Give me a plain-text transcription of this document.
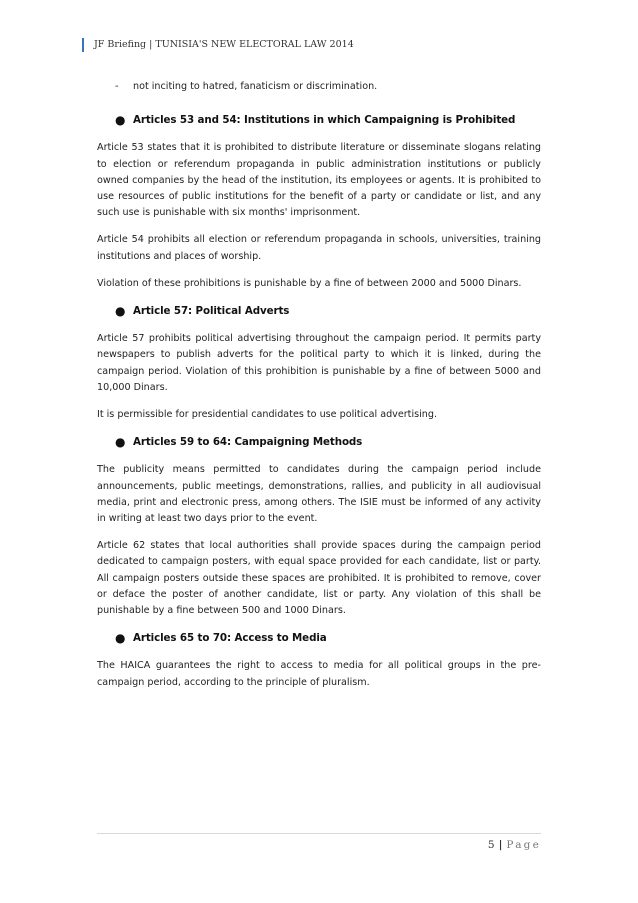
JF Briefing | TUNISIA'S NEW ELECTORAL LAW 2014
-	not inciting to hatred, fanaticism or discrimination.
● Articles 53 and 54: Institutions in which Campaigning is Prohibited

Article 53 states that it is prohibited to distribute literature or disseminate slogans relating to election or referendum propaganda in public administration institutions or publicly owned companies by the head of the institution, its employees or agents. It is prohibited to use resources of public institutions for the benefit of a party or candidate or list, and any such use is punishable with six months' imprisonment.

Article 54 prohibits all election or referendum propaganda in schools, universities, training institutions and places of worship.

Violation of these prohibitions is punishable by a fine of between 2000 and 5000 Dinars.

● Article 57: Political Adverts

Article 57 prohibits political advertising throughout the campaign period. It permits party newspapers to publish adverts for the political party to which it is linked, during the campaign period. Violation of this prohibition is punishable by a fine of between 5000 and 10,000 Dinars.

It is permissible for presidential candidates to use political advertising.

● Articles 59 to 64: Campaigning Methods

The publicity means permitted to candidates during the campaign period include announcements, public meetings, demonstrations, rallies, and publicity in all audiovisual media, print and electronic press, among others. The ISIE must be informed of any activity in writing at least two days prior to the event.

Article 62 states that local authorities shall provide spaces during the campaign period dedicated to campaign posters, with equal space provided for each candidate, list or party. All campaign posters outside these spaces are prohibited. It is prohibited to remove, cover or deface the poster of another candidate, list or party. Any violation of this shall be punishable by a fine between 500 and 1000 Dinars.

● Articles 65 to 70: Access to Media

The HAICA guarantees the right to access to media for all political groups in the pre-campaign period, according to the principle of pluralism.

5 | Page
